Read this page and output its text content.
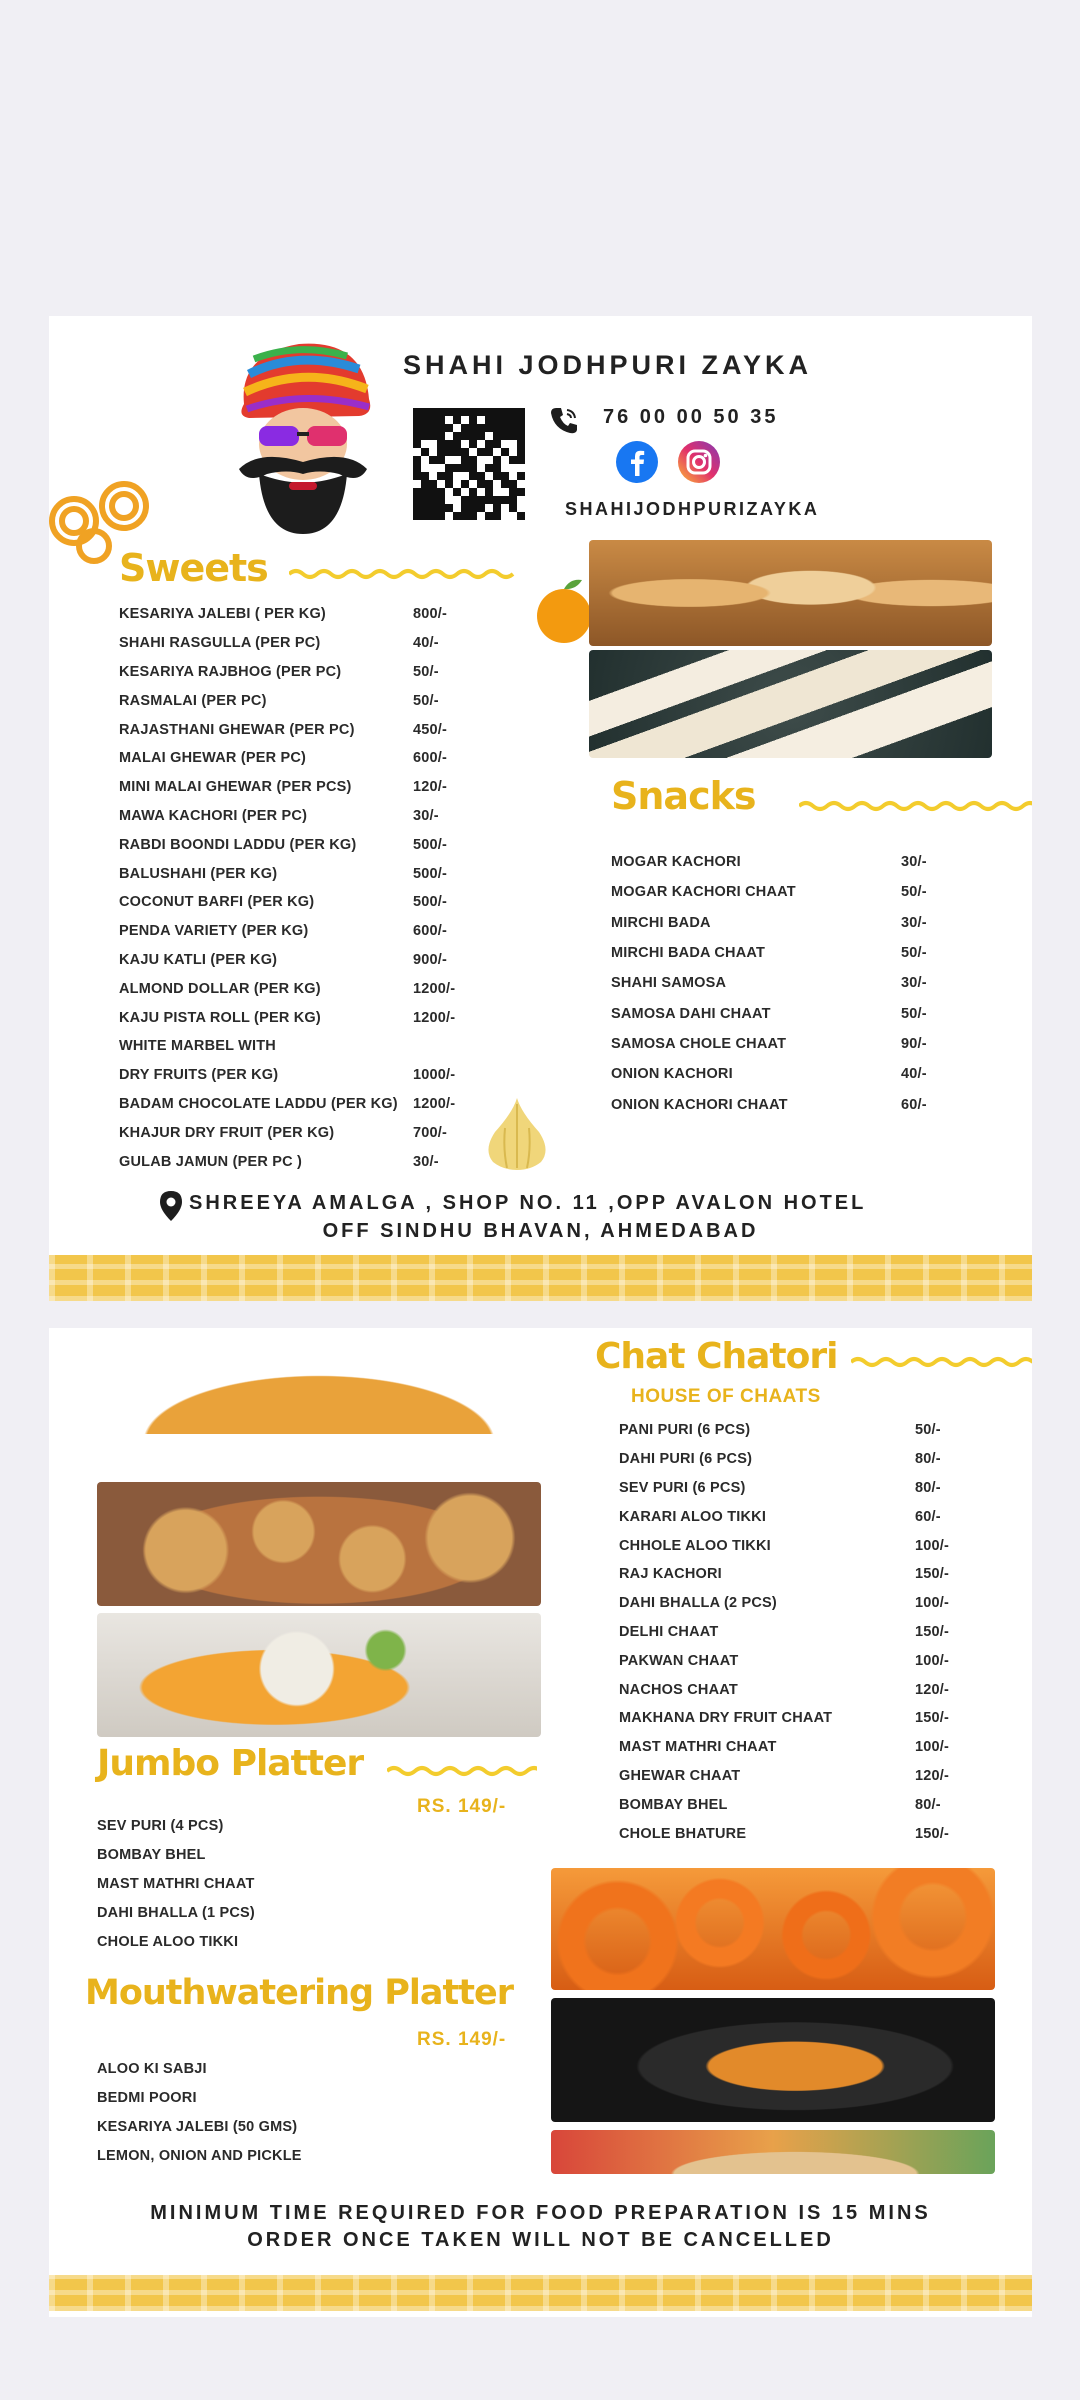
SHAHI JODHPURI ZAYKA
76 00 00 50 35
SHAHIJODHPURIZAYKA
Sweets
KESARIYA JALEBI ( PER KG)	800/-
SHAHI RASGULLA (PER PC)	40/-
KESARIYA RAJBHOG (PER PC)	50/-
RASMALAI (PER PC)	50/-
RAJASTHANI GHEWAR (PER PC)	450/-
MALAI GHEWAR (PER PC)	600/-
MINI MALAI GHEWAR (PER PCS)	120/-
MAWA KACHORI (PER PC)	30/-
RABDI BOONDI LADDU (PER KG)	500/-
BALUSHAHI (PER KG)	500/-
COCONUT BARFI (PER KG)	500/-
PENDA VARIETY (PER KG)	600/-
KAJU KATLI (PER KG)	900/-
ALMOND DOLLAR (PER KG)	1200/-
KAJU PISTA ROLL (PER KG)	1200/-
WHITE MARBEL WITH
DRY FRUITS (PER KG)	1000/-
BADAM CHOCOLATE LADDU (PER KG)	1200/-
KHAJUR DRY FRUIT (PER KG)	700/-
GULAB JAMUN (PER PC )	30/-
Snacks
MOGAR KACHORI	30/-
MOGAR KACHORI CHAAT	50/-
MIRCHI BADA	30/-
MIRCHI BADA CHAAT	50/-
SHAHI SAMOSA	30/-
SAMOSA DAHI CHAAT	50/-
SAMOSA CHOLE CHAAT	90/-
ONION KACHORI	40/-
ONION KACHORI CHAAT	60/-
SHREEYA AMALGA , SHOP NO. 11 ,OPP AVALON HOTEL
OFF SINDHU BHAVAN, AHMEDABAD
Chat Chatori
HOUSE OF CHAATS
PANI PURI (6 PCS)	50/-
DAHI PURI (6 PCS)	80/-
SEV PURI (6 PCS)	80/-
KARARI ALOO TIKKI	60/-
CHHOLE ALOO TIKKI	100/-
RAJ KACHORI	150/-
DAHI BHALLA (2 PCS)	100/-
DELHI CHAAT	150/-
PAKWAN CHAAT	100/-
NACHOS CHAAT	120/-
MAKHANA DRY FRUIT CHAAT	150/-
MAST MATHRI CHAAT	100/-
GHEWAR CHAAT	120/-
BOMBAY BHEL	80/-
CHOLE BHATURE	150/-
Jumbo Platter
RS. 149/-
SEV PURI (4 PCS)
BOMBAY BHEL
MAST MATHRI CHAAT
DAHI BHALLA (1 PCS)
CHOLE ALOO TIKKI
Mouthwatering Platter
RS. 149/-
ALOO KI SABJI
BEDMI POORI
KESARIYA JALEBI (50 GMS)
LEMON, ONION AND PICKLE
MINIMUM TIME REQUIRED FOR FOOD PREPARATION IS 15 MINS
ORDER ONCE TAKEN WILL NOT BE CANCELLED
